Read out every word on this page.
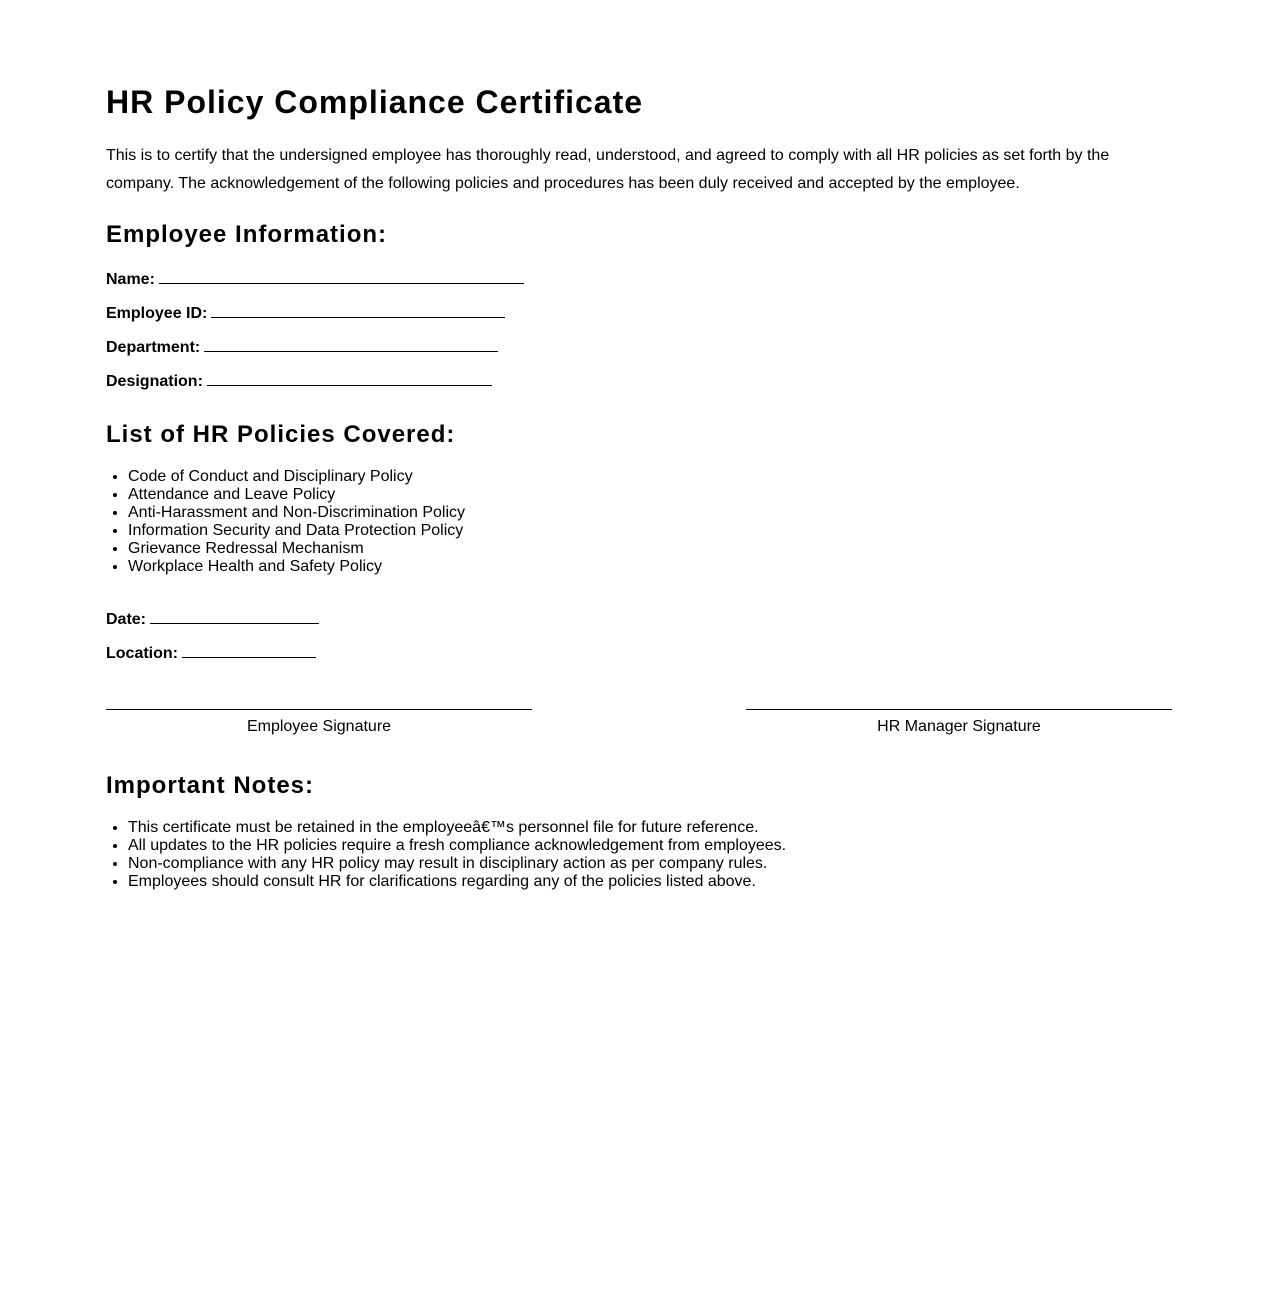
HR Policy Compliance Certificate

This is to certify that the undersigned employee has thoroughly read, understood, and agreed to comply with all HR policies as set forth by the company. The acknowledgement of the following policies and procedures has been duly received and accepted by the employee.

Employee Information:
Name:
Employee ID:
Department:
Designation:
List of HR Policies Covered:
• Code of Conduct and Disciplinary Policy
• Attendance and Leave Policy
• Anti-Harassment and Non-Discrimination Policy
• Information Security and Data Protection Policy
• Grievance Redressal Mechanism
• Workplace Health and Safety Policy
Date:
Location:
Employee Signature	HR Manager Signature
Important Notes:
• This certificate must be retained in the employeeâ€™s personnel file for future reference.
• All updates to the HR policies require a fresh compliance acknowledgement from employees.
• Non-compliance with any HR policy may result in disciplinary action as per company rules.
• Employees should consult HR for clarifications regarding any of the policies listed above.
